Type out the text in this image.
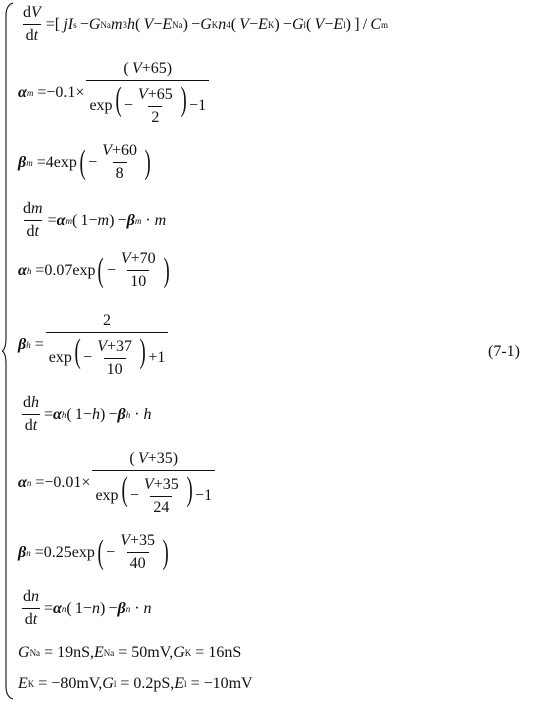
$\frac{dV}{dt}$ =[  jI s  − G Na m 3 h (  V − E Na ) − G K n 4 (  V − E K ) − G l (  V − E l ) ] /  C m
α $m =-0.1\times \frac{( V+65)}{\exp( - \frac{V+65}{2} ) -1}$
β m =4exp ( − $\frac{V+60}{8}$ )
$\frac{dm}{dt} = \alpha$ m ( 1− m ) − β m · m
α h =0.07exp ( − $\frac{V+70}{10}$ )
β $h = \frac{2}{\exp( - \frac{V+37}{10} ) +1}$	(7-1)
$\frac{dh}{dt} = \alpha$ h ( 1− h ) − β h · h
α $n =-0.01\times \frac{( V+35)}{\exp( - \frac{V+35}{24} ) -1}$
β n =0.25exp ( − $\frac{V+35}{40}$ )
$\frac{dn}{dt} = \alpha$ n ( 1− n ) − β n · n
G Na = 19nS, E Na = 50mV, G K = 16nS
E K = −80mV, G l = 0.2pS, E l = −10mV
